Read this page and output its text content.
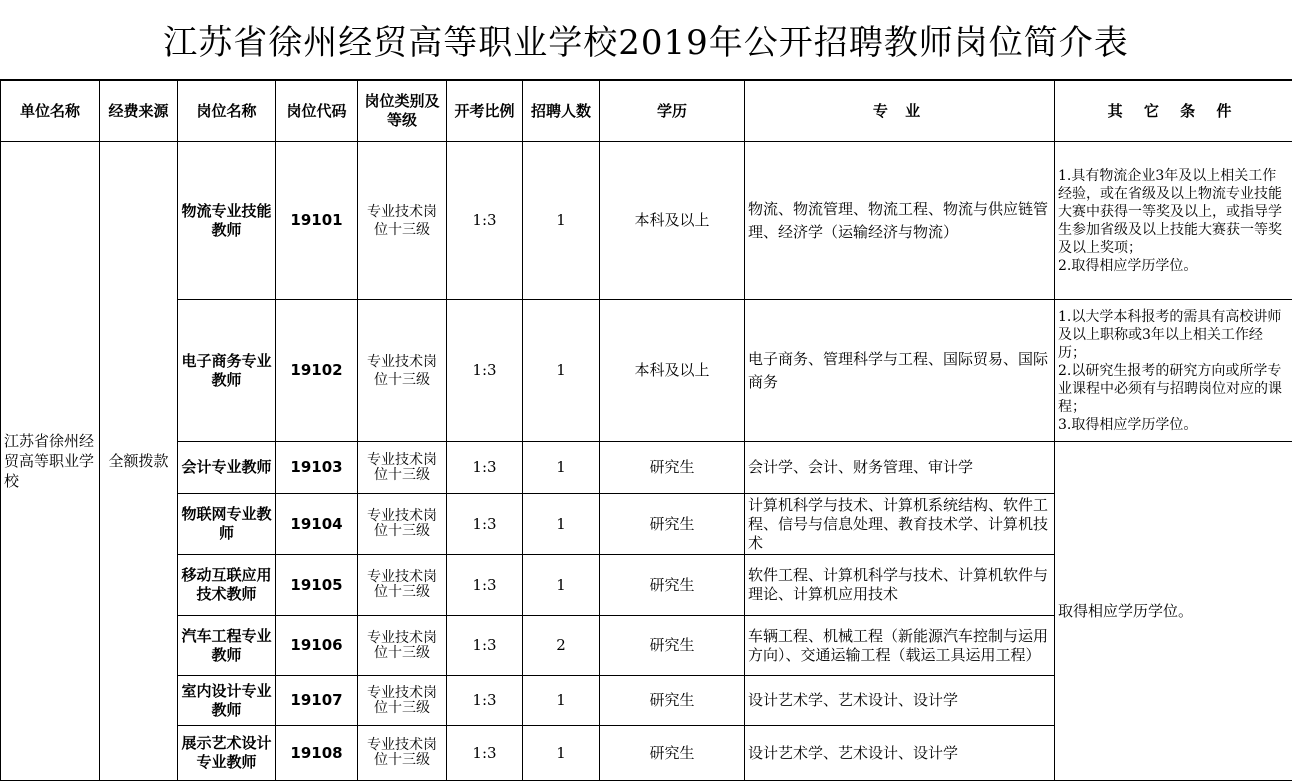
江苏省徐州经贸高等职业学校2019年公开招聘教师岗位简介表
单位名称	经费来源	岗位名称	岗位代码	岗位类别及等级	开考比例	招聘人数	学历	专 业	其 它 条 件
江苏省徐州经贸高等职业学校	全额拨款	物流专业技能教师	19101	专业技术岗位十三级	1:3	1	本科及以上	物流、物流管理、物流工程、物流与供应链管理、经济学（运输经济与物流）	1.具有物流企业3年及以上相关工作经验，或在省级及以上物流专业技能大赛中获得一等奖及以上，或指导学生参加省级及以上技能大赛获一等奖及以上奖项；
2.取得相应学历学位。

		电子商务专业教师	19102	专业技术岗位十三级	1:3	1	本科及以上	电子商务、管理科学与工程、国际贸易、国际商务	1.以大学本科报考的需具有高校讲师及以上职称或3年以上相关工作经历；
2.以研究生报考的研究方向或所学专业课程中必须有与招聘岗位对应的课程；
3.取得相应学历学位。

		会计专业教师	19103	专业技术岗位十三级	1:3	1	研究生	会计学、会计、财务管理、审计学	取得相应学历学位。
		物联网专业教师	19104	专业技术岗位十三级	1:3	1	研究生	计算机科学与技术、计算机系统结构、软件工程、信号与信息处理、教育技术学、计算机技术	
		移动互联应用技术教师	19105	专业技术岗位十三级	1:3	1	研究生	软件工程、计算机科学与技术、计算机软件与理论、计算机应用技术	
		汽车工程专业教师	19106	专业技术岗位十三级	1:3	2	研究生	车辆工程、机械工程（新能源汽车控制与运用方向）、交通运输工程（载运工具运用工程）	
		室内设计专业教师	19107	专业技术岗位十三级	1:3	1	研究生	设计艺术学、艺术设计、设计学	
		展示艺术设计专业教师	19108	专业技术岗位十三级	1:3	1	研究生	设计艺术学、艺术设计、设计学	
